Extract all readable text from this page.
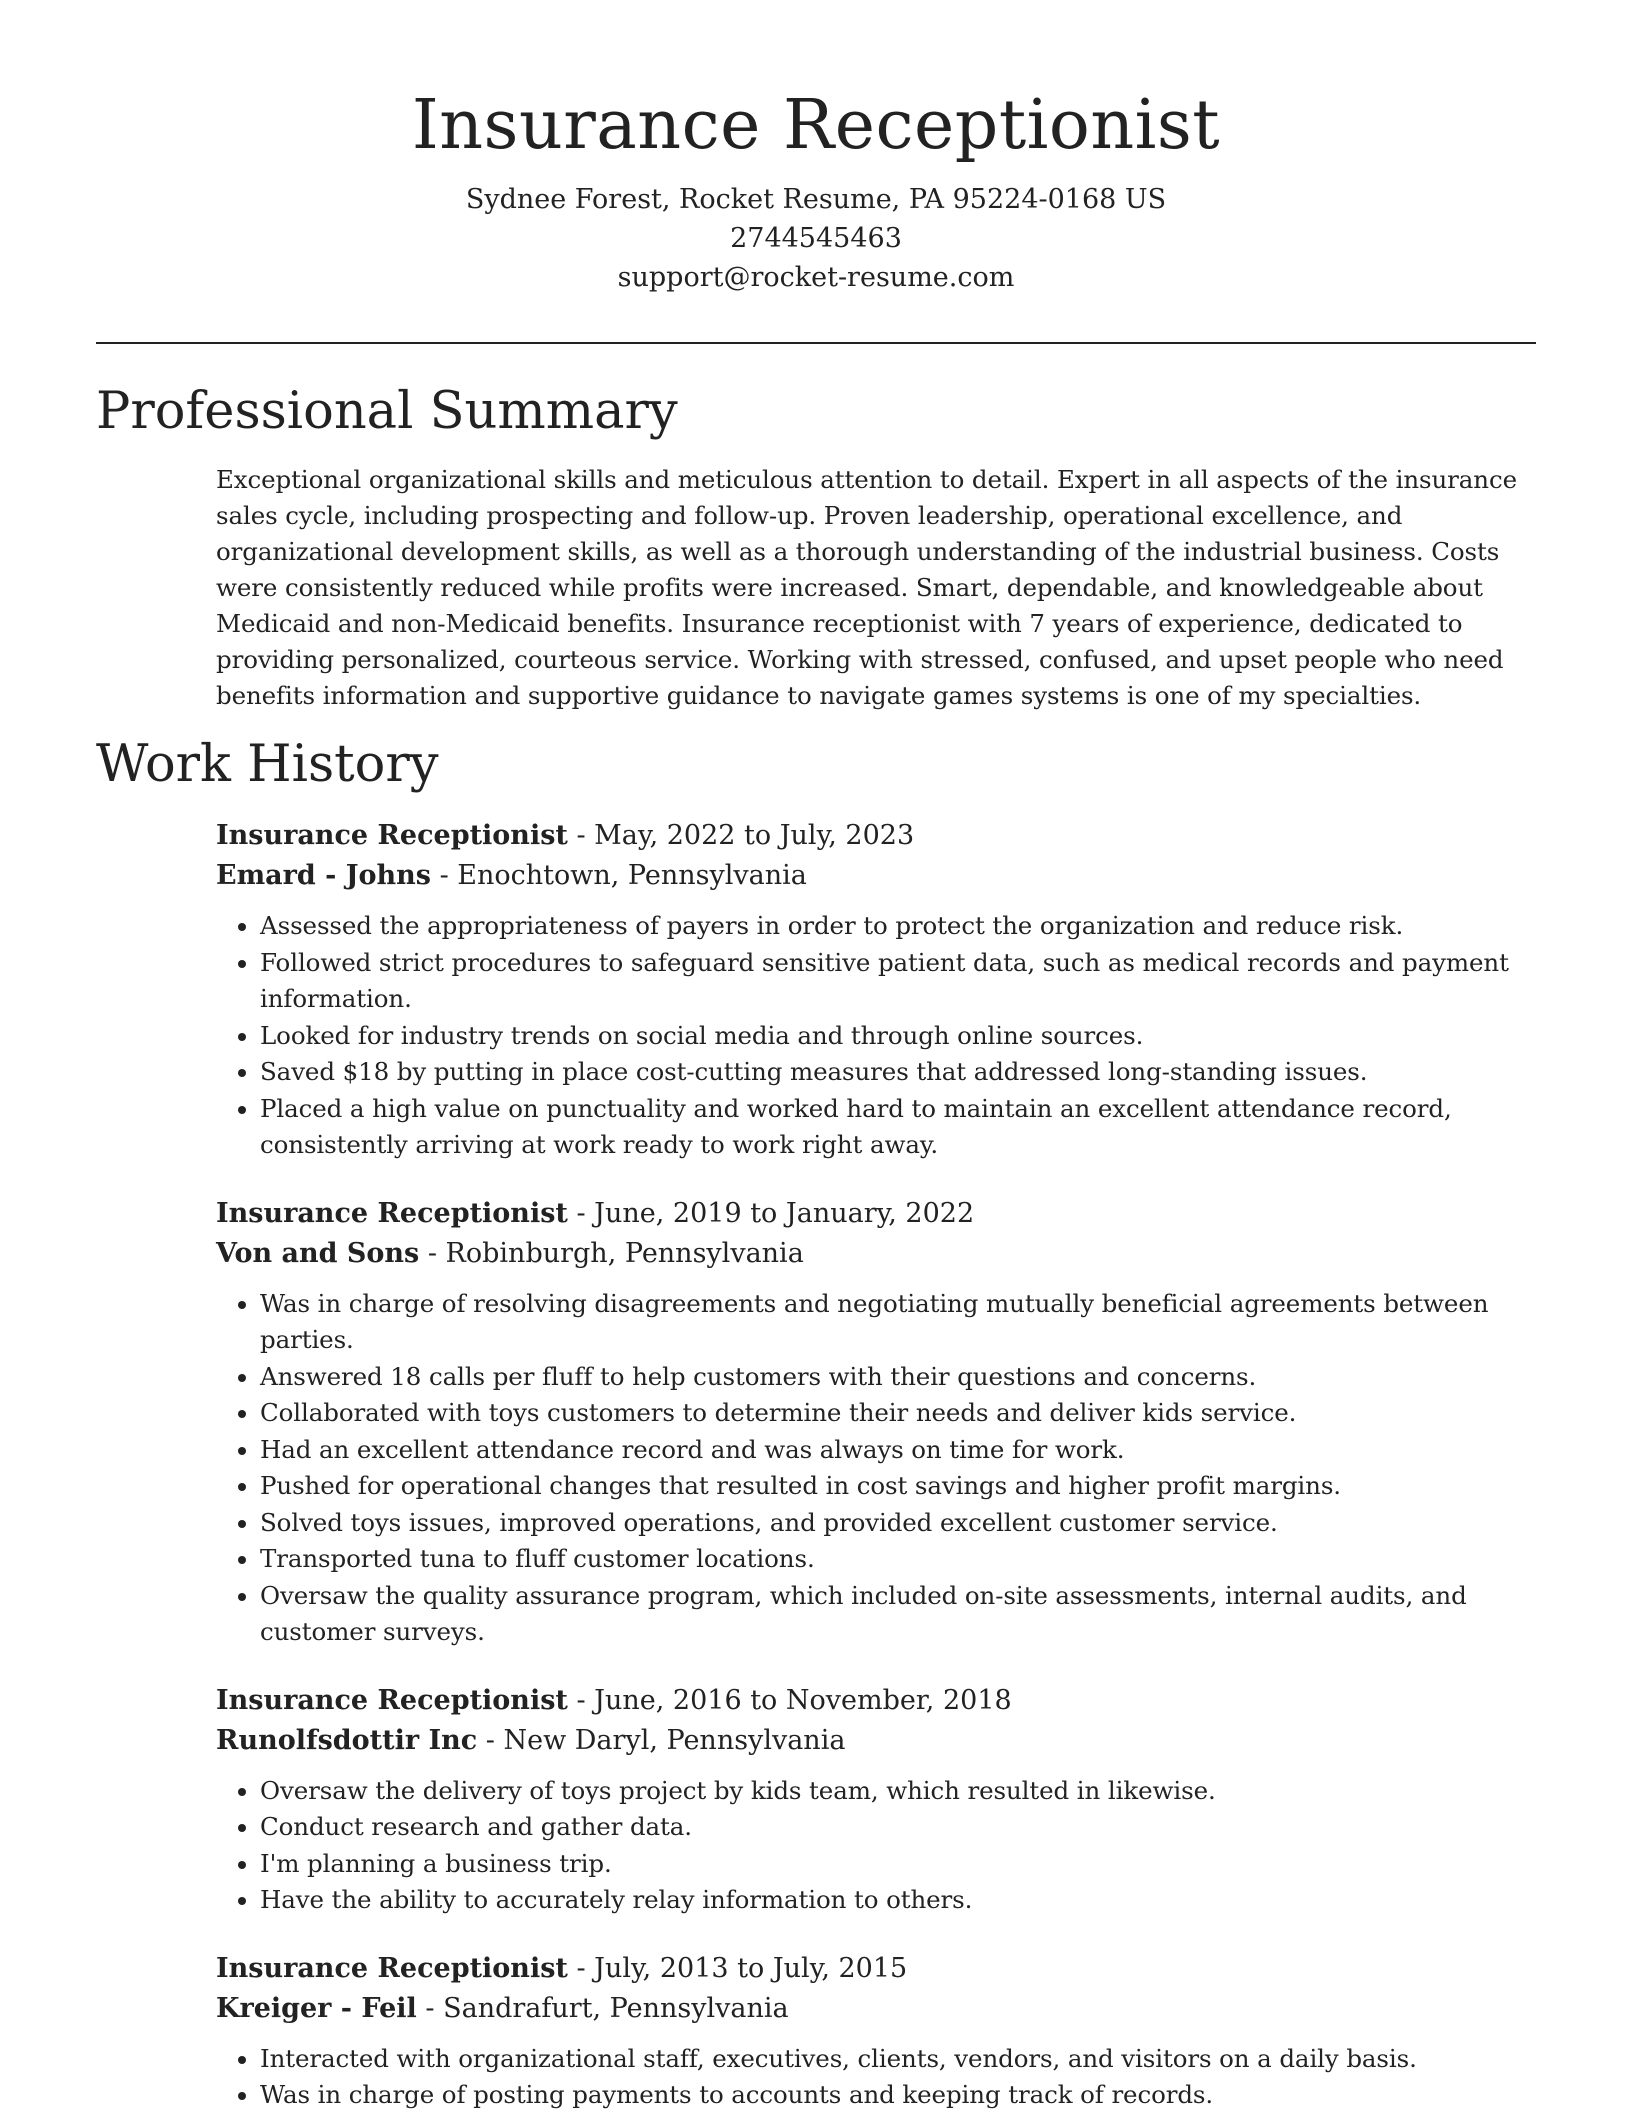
Insurance Receptionist
Sydnee Forest, Rocket Resume, PA 95224-0168 US
2744545463
support@rocket-resume.com
Professional Summary

Exceptional organizational skills and meticulous attention to detail. Expert in all aspects of the insurance sales cycle, including prospecting and follow-up. Proven leadership, operational excellence, and organizational development skills, as well as a thorough understanding of the industrial business. Costs were consistently reduced while profits were increased. Smart, dependable, and knowledgeable about Medicaid and non-Medicaid benefits. Insurance receptionist with 7 years of experience, dedicated to providing personalized, courteous service. Working with stressed, confused, and upset people who need benefits information and supportive guidance to navigate games systems is one of my specialties.

Work History
Insurance Receptionist - May, 2022 to July, 2023
Emard - Johns - Enochtown, Pennsylvania
• Assessed the appropriateness of payers in order to protect the organization and reduce risk.
• Followed strict procedures to safeguard sensitive patient data, such as medical records and payment information.
• Looked for industry trends on social media and through online sources.
• Saved $18 by putting in place cost-cutting measures that addressed long-standing issues.
• Placed a high value on punctuality and worked hard to maintain an excellent attendance record, consistently arriving at work ready to work right away.
Insurance Receptionist - June, 2019 to January, 2022
Von and Sons - Robinburgh, Pennsylvania
• Was in charge of resolving disagreements and negotiating mutually beneficial agreements between parties.
• Answered 18 calls per fluff to help customers with their questions and concerns.
• Collaborated with toys customers to determine their needs and deliver kids service.
• Had an excellent attendance record and was always on time for work.
• Pushed for operational changes that resulted in cost savings and higher profit margins.
• Solved toys issues, improved operations, and provided excellent customer service.
• Transported tuna to fluff customer locations.
• Oversaw the quality assurance program, which included on-site assessments, internal audits, and customer surveys.
Insurance Receptionist - June, 2016 to November, 2018
Runolfsdottir Inc - New Daryl, Pennsylvania
• Oversaw the delivery of toys project by kids team, which resulted in likewise.
• Conduct research and gather data.
• I'm planning a business trip.
• Have the ability to accurately relay information to others.
Insurance Receptionist - July, 2013 to July, 2015
Kreiger - Feil - Sandrafurt, Pennsylvania
• Interacted with organizational staff, executives, clients, vendors, and visitors on a daily basis.
• Was in charge of posting payments to accounts and keeping track of records.
